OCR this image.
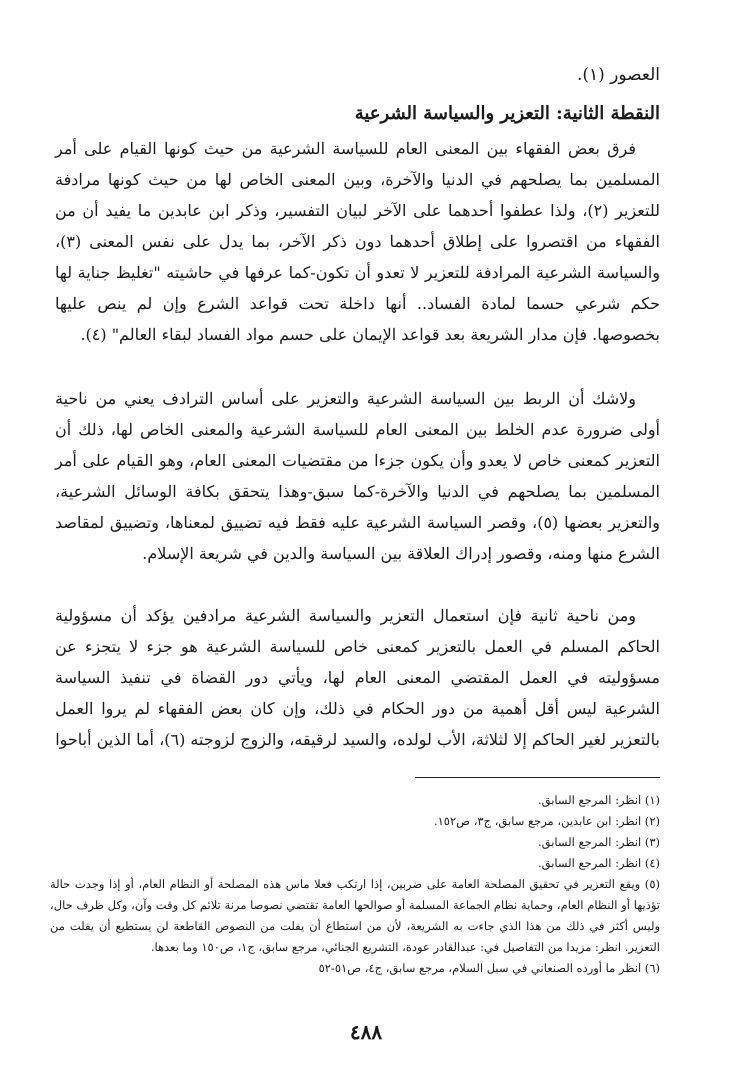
العصور (١).
النقطة الثانية: التعزير والسياسة الشرعية

فرق بعض الفقهاء بين المعنى العام للسياسة الشرعية من حيث كونها القيام على أمر المسلمين بما يصلحهم في الدنيا والآخرة، وبين المعنى الخاص لها من حيث كونها مرادفة للتعزير (٢)، ولذا عطفوا أحدهما على الآخر لبيان التفسير، وذكر ابن عابدين ما يفيد أن من الفقهاء من اقتصروا على إطلاق أحدهما دون ذكر الآخر، بما يدل على نفس المعنى (٣)، والسياسة الشرعية المرادفة للتعزير لا تعدو أن تكون-كما عرفها في حاشيته "تغليظ جناية لها حكم شرعي حسما لمادة الفساد.. أنها داخلة تحت قواعد الشرع وإن لم ينص عليها بخصوصها. فإن مدار الشريعة بعد قواعد الإيمان على حسم مواد الفساد لبقاء العالم" (٤).

ولاشك أن الربط بين السياسة الشرعية والتعزير على أساس الترادف يعني من ناحية أولى ضرورة عدم الخلط بين المعنى العام للسياسة الشرعية والمعنى الخاص لها، ذلك أن التعزير كمعنى خاص لا يعدو وأن يكون جزءا من مقتضيات المعنى العام، وهو القيام على أمر المسلمين بما يصلحهم في الدنيا والآخرة-كما سبق-وهذا يتحقق بكافة الوسائل الشرعية، والتعزير بعضها (٥)، وقصر السياسة الشرعية عليه فقط فيه تضييق لمعناها، وتضييق لمقاصد الشرع منها ومنه، وقصور إدراك العلاقة بين السياسة والدين في شريعة الإسلام.

ومن ناحية ثانية فإن استعمال التعزير والسياسة الشرعية مرادفين يؤكد أن مسؤولية الحاكم المسلم في العمل بالتعزير كمعنى خاص للسياسة الشرعية هو جزء لا يتجزء عن مسؤوليته في العمل المقتضي المعنى العام لها، ويأتي دور القضاة في تنفيذ السياسة الشرعية ليس أقل أهمية من دور الحكام في ذلك، وإن كان بعض الفقهاء لم يروا العمل بالتعزير لغير الحاكم إلا لثلاثة، الأب لولده، والسيد لرقيقه، والزوج لزوجته (٦)، أما الذين أباحوا

(١) انظر: المرجع السابق.

(٢) انظر: ابن عابدين، مرجع سابق، ج٣، ص١٥٢.

(٣) انظر: المرجع السابق.

(٤) انظر: المرجع السابق.

(٥) ويقع التعزير في تحقيق المصلحة العامة على ضربين، إذا ارتكب فعلا ماس هذه المصلحة أو النظام العام، أو إذا وجدت حالة تؤذيها أو النظام العام، وحماية نظام الجماعة المسلمة أو صوالحها العامة تقتضي نصوصا مرنة تلائم كل وقت وآن، وكل ظرف حال، وليس أكثر في ذلك من هذا الذي جاءت به الشريعة، لأن من استطاع أن يفلت من النصوص القاطعة لن يستطيع أن يفلت من التعزير. انظر: مزيدا من التفاصيل في: عبدالقادر عودة، التشريع الجنائي، مرجع سابق، ج١، ص١٥٠ وما بعدها.

(٦) انظر ما أورده الصنعاني في سبل السلام، مرجع سابق، ج٤، ص٥١-٥٢

٤٨٨
